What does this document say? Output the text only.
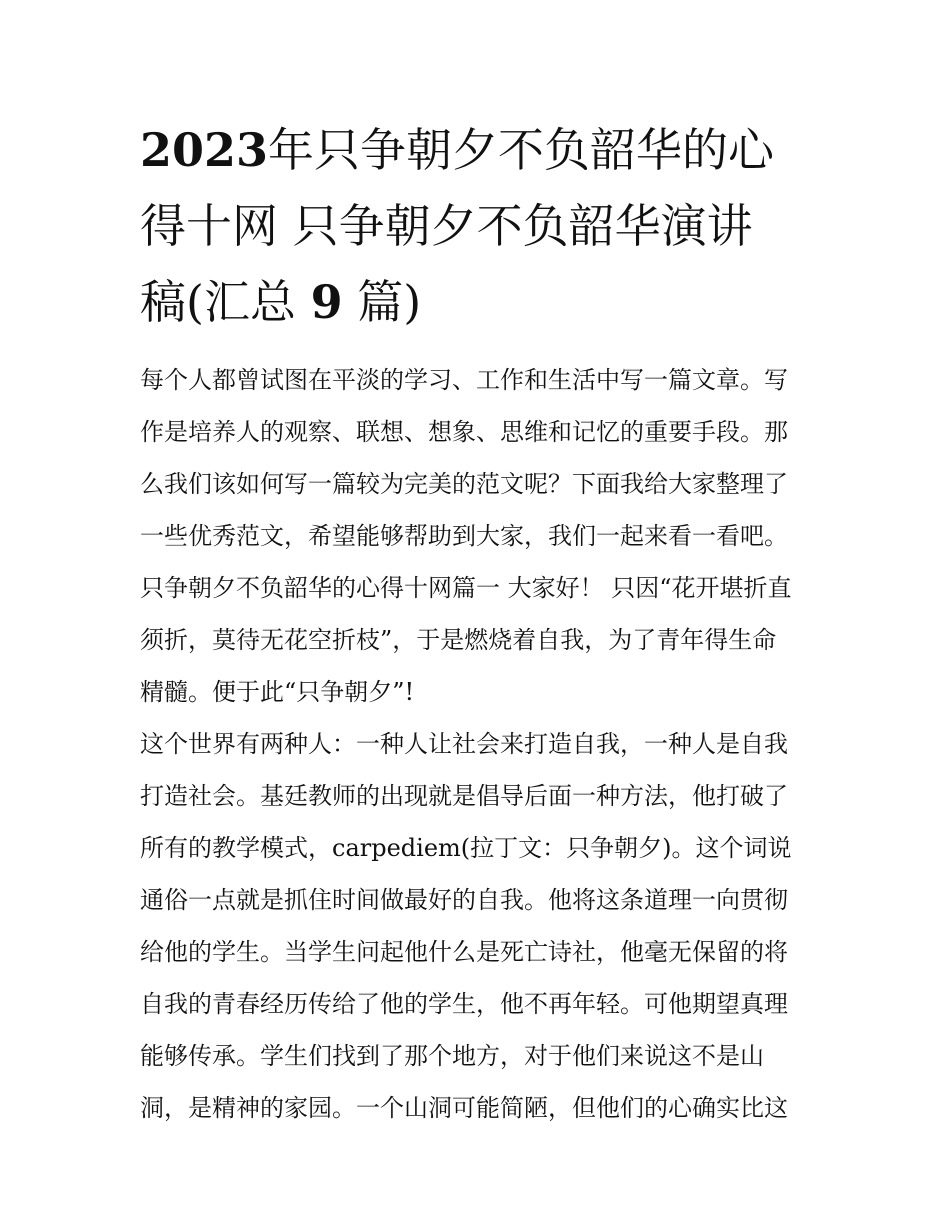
2023年只争朝夕不负韶华的心
得十网 只争朝夕不负韶华演讲
稿(汇总 9 篇)
每个人都曾试图在平淡的学习、工作和生活中写一篇文章。写
作是培养人的观察、联想、想象、思维和记忆的重要手段。那
么我们该如何写一篇较为完美的范文呢？下面我给大家整理了
一些优秀范文，希望能够帮助到大家，我们一起来看一看吧。
只争朝夕不负韶华的心得十网篇一 大家好！ 只因“花开堪折直
须折，莫待无花空折枝”，于是燃烧着自我，为了青年得生命
精髓。便于此“只争朝夕”!
这个世界有两种人：一种人让社会来打造自我，一种人是自我
打造社会。基廷教师的出现就是倡导后面一种方法，他打破了
所有的教学模式，carpediem(拉丁文：只争朝夕)。这个词说
通俗一点就是抓住时间做最好的自我。他将这条道理一向贯彻
给他的学生。当学生问起他什么是死亡诗社，他毫无保留的将
自我的青春经历传给了他的学生，他不再年轻。可他期望真理
能够传承。学生们找到了那个地方，对于他们来说这不是山
洞，是精神的家园。一个山洞可能简陋，但他们的心确实比这
